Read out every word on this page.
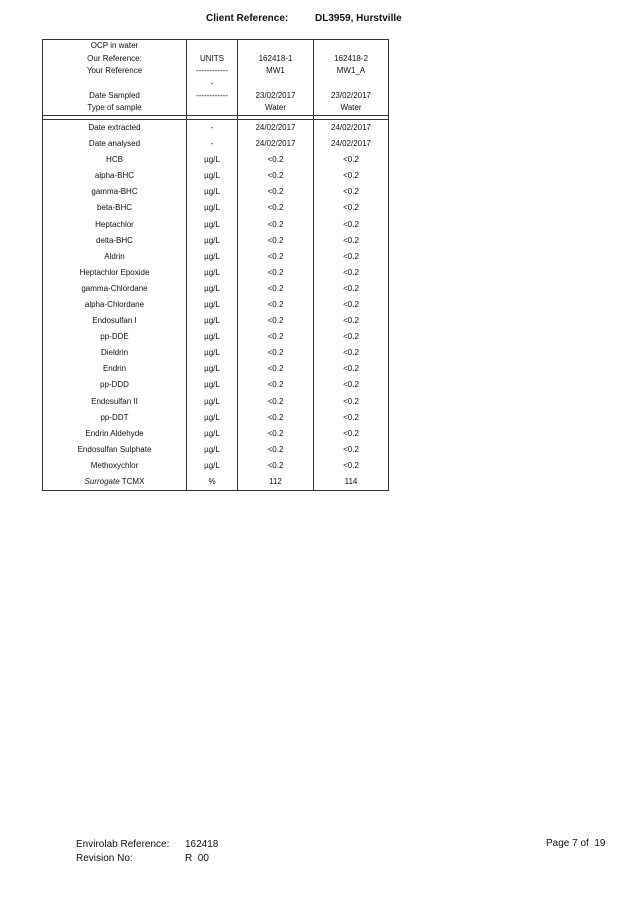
Client Reference:	DL3959, Hurstville
OCP in water			
Our Reference:	UNITS	162418-1	162418-2
Your Reference	------------	MW1	MW1_A
	-		
Date Sampled	------------	23/02/2017	23/02/2017
Type of sample		Water	Water

Date extracted	-	24/02/2017	24/02/2017
Date analysed	-	24/02/2017	24/02/2017
HCB	µg/L	<0.2	<0.2
alpha-BHC	µg/L	<0.2	<0.2
gamma-BHC	µg/L	<0.2	<0.2
beta-BHC	µg/L	<0.2	<0.2
Heptachlor	µg/L	<0.2	<0.2
delta-BHC	µg/L	<0.2	<0.2
Aldrin	µg/L	<0.2	<0.2
Heptachlor Epoxide	µg/L	<0.2	<0.2
gamma-Chlordane	µg/L	<0.2	<0.2
alpha-Chlordane	µg/L	<0.2	<0.2
Endosulfan I	µg/L	<0.2	<0.2
pp-DDE	µg/L	<0.2	<0.2
Dieldrin	µg/L	<0.2	<0.2
Endrin	µg/L	<0.2	<0.2
pp-DDD	µg/L	<0.2	<0.2
Endosulfan II	µg/L	<0.2	<0.2
pp-DDT	µg/L	<0.2	<0.2
Endrin Aldehyde	µg/L	<0.2	<0.2
Endosulfan Sulphate	µg/L	<0.2	<0.2
Methoxychlor	µg/L	<0.2	<0.2
Surrogate TCMX	%	112	114
Envirolab Reference: 162418
Revision No:	R  00
Page 7 of  19
